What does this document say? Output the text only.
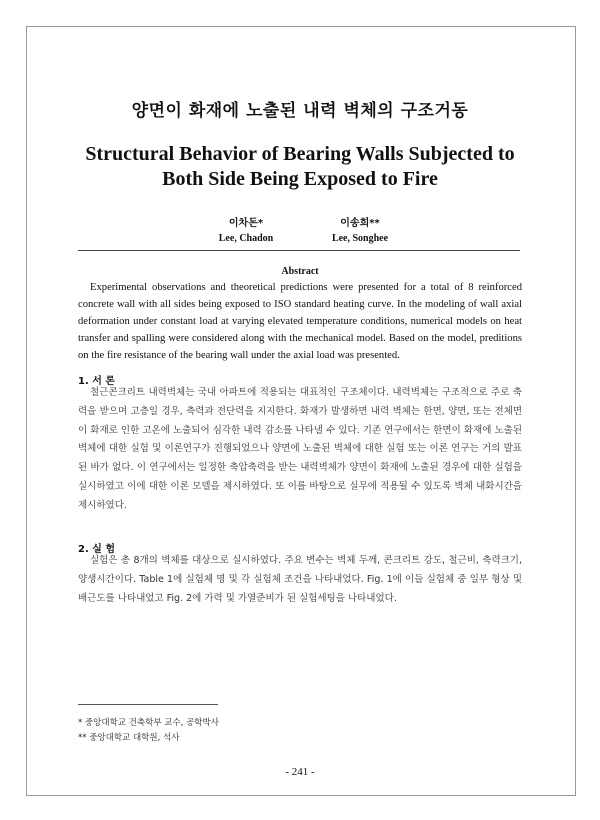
양면이 화재에 노출된 내력 벽체의 구조거동
Structural Behavior of Bearing Walls Subjected to
Both Side Being Exposed to Fire
이차돈*
Lee, Chadon
이송희**
Lee, Songhee
Abstract

Experimental observations and theoretical predictions were presented for a total of 8 reinforced concrete wall with all sides being exposed to ISO standard heating curve. In the modeling of wall axial deformation under constant load at varying elevated temperature conditions, numerical models on heat transfer and spalling were considered along with the mechanical model. Based on the model, preditions on the fire resistance of the bearing wall under the axial load was presented.

1. 서 론

철근콘크리트 내력벽체는 국내 아파트에 적용되는 대표적인 구조체이다. 내력벽체는 구조적으로 주로 축력을 받으며 고층일 경우, 축력과 전단력을 지지한다. 화재가 발생하면 내력 벽체는 한면, 양면, 또는 전체면이 화재로 인한 고온에 노출되어 심각한 내력 감소를 나타낼 수 있다. 기존 연구에서는 한면이 화재에 노출된 벽체에 대한 실험 및 이론연구가 진행되었으나 양면에 노출된 벽체에 대한 실험 또는 이론 연구는 거의 발표된 바가 없다. 이 연구에서는 일정한 축압축력을 받는 내력벽체가 양면이 화재에 노출된 경우에 대한 실험을 실시하였고 이에 대한 이론 모델을 제시하였다. 또 이를 바탕으로 실무에 적용될 수 있도록 벽체 내화시간을 제시하였다.

2. 실 험

실험은 총 8개의 벽체를 대상으로 실시하였다. 주요 변수는 벽체 두께, 콘크리트 강도, 철근비, 축력크기, 양생시간이다. Table 1에 실험체 명 및 각 실험체 조건을 나타내었다. Fig. 1에 이들 실험체 중 일부 형상 및 배근도를 나타내었고 Fig. 2에 가력 및 가열준비가 된 실험세팅을 나타내었다.

* 중앙대학교 건축학부 교수, 공학박사
** 중앙대학교 대학원, 석사
- 241 -
